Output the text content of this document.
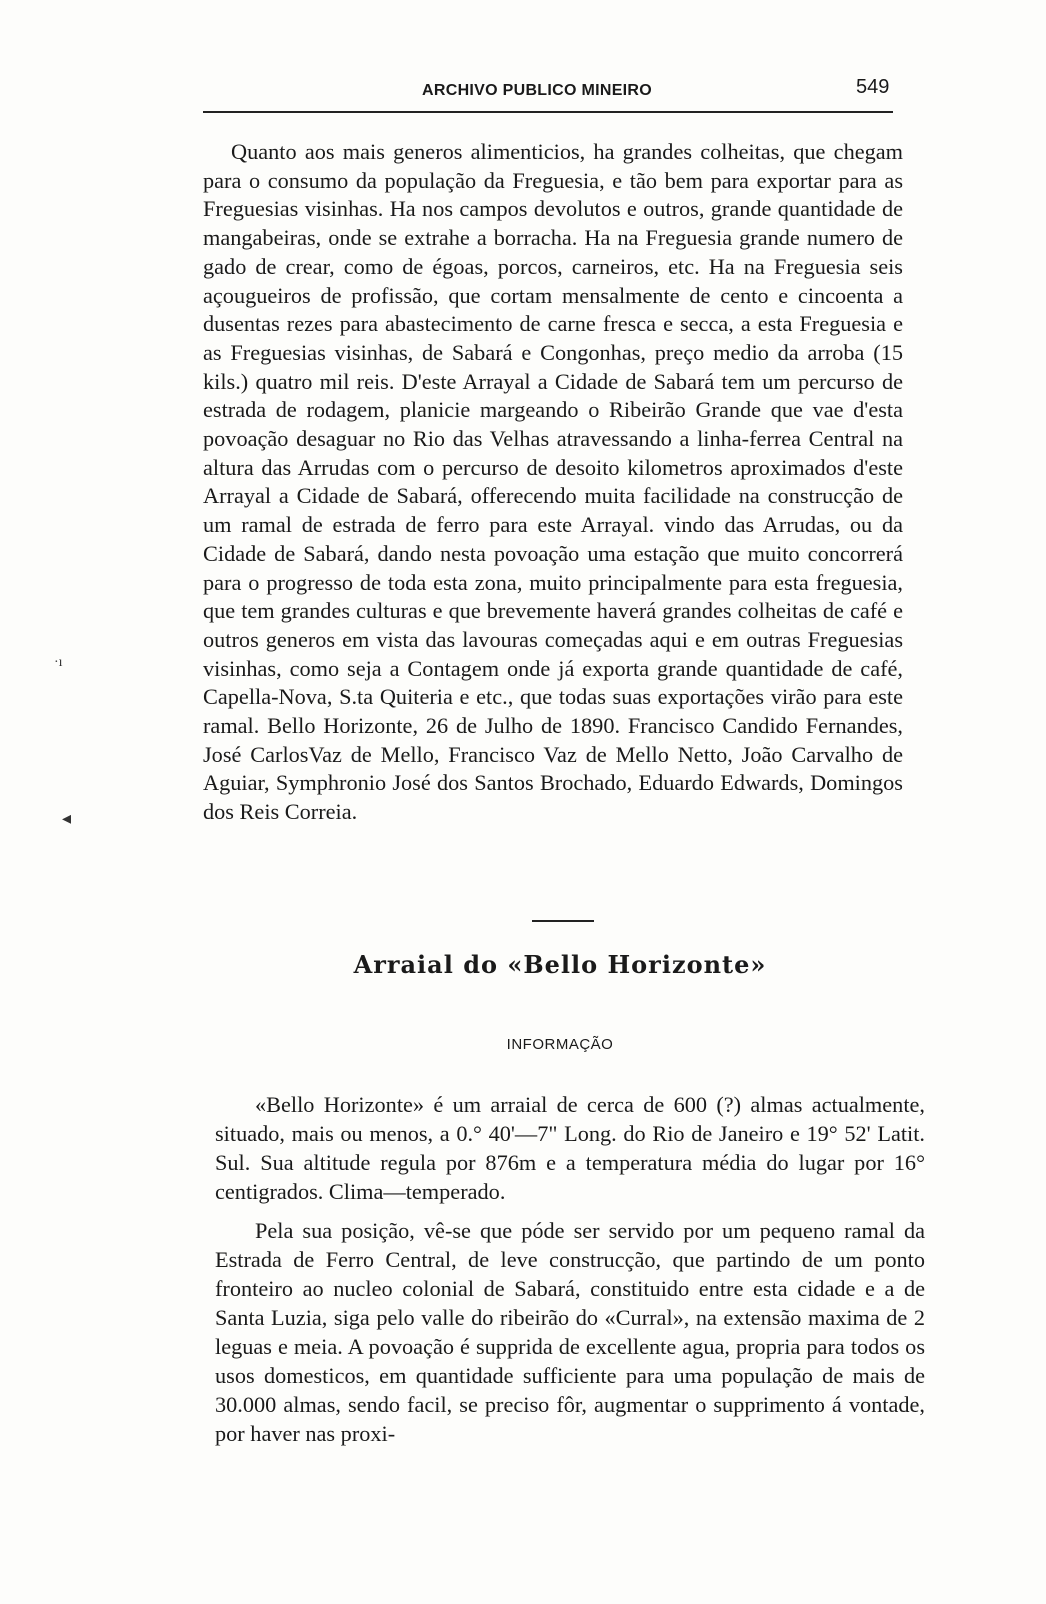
ARCHIVO PUBLICO MINEIRO	549

Quanto aos mais generos alimenticios, ha grandes colheitas, que chegam para o consumo da população da Freguesia, e tão bem para exportar para as Freguesias visinhas. Ha nos campos devolutos e outros, grande quantidade de mangabeiras, onde se extrahe a borracha. Ha na Freguesia grande numero de gado de crear, como de égoas, porcos, carneiros, etc. Ha na Freguesia seis açougueiros de profissão, que cortam mensalmente de cento e cincoenta a dusentas rezes para abastecimento de carne fresca e secca, a esta Freguesia e as Freguesias visinhas, de Sabará e Congonhas, preço medio da arroba (15 kils.) quatro mil reis. D'este Arrayal a Cidade de Sabará tem um percurso de estrada de rodagem, planicie margeando o Ribeirão Grande que vae d'esta povoação desaguar no Rio das Velhas atravessando a linha-ferrea Central na altura das Arrudas com o percurso de desoito kilometros aproximados d'este Arrayal a Cidade de Sabará, offerecendo muita facilidade na construcção de um ramal de estrada de ferro para este Arrayal. vindo das Arrudas, ou da Cidade de Sabará, dando nesta povoação uma estação que muito concorrerá para o progresso de toda esta zona, muito principalmente para esta freguesia, que tem grandes culturas e que brevemente haverá grandes colheitas de café e outros generos em vista das lavouras começadas aqui e em outras Freguesias visinhas, como seja a Contagem onde já exporta grande quantidade de café, Capella-Nova, S.ta Quiteria e etc., que todas suas exportações virão para este ramal. Bello Horizonte, 26 de Julho de 1890. Francisco Candido Fernandes, José CarlosVaz de Mello, Francisco Vaz de Mello Netto, João Carvalho de Aguiar, Symphronio José dos Santos Brochado, Eduardo Edwards, Domingos dos Reis Correia.

·ı
◂
Arraial do «Bello Horizonte»
INFORMAÇÃO

«Bello Horizonte» é um arraial de cerca de 600 (?) almas actualmente, situado, mais ou menos, a 0.° 40'—7" Long. do Rio de Janeiro e 19° 52' Latit. Sul. Sua altitude regula por 876m e a temperatura média do lugar por 16° centigrados. Clima—temperado.

Pela sua posição, vê-se que póde ser servido por um pequeno ramal da Estrada de Ferro Central, de leve construcção, que partindo de um ponto fronteiro ao nucleo colonial de Sabará, constituido entre esta cidade e a de Santa Luzia, siga pelo valle do ribeirão do «Curral», na extensão maxima de 2 leguas e meia. A povoação é supprida de excellente agua, propria para todos os usos domesticos, em quantidade sufficiente para uma população de mais de 30.000 almas, sendo facil, se preciso fôr, augmentar o supprimento á vontade, por haver nas proxi-
